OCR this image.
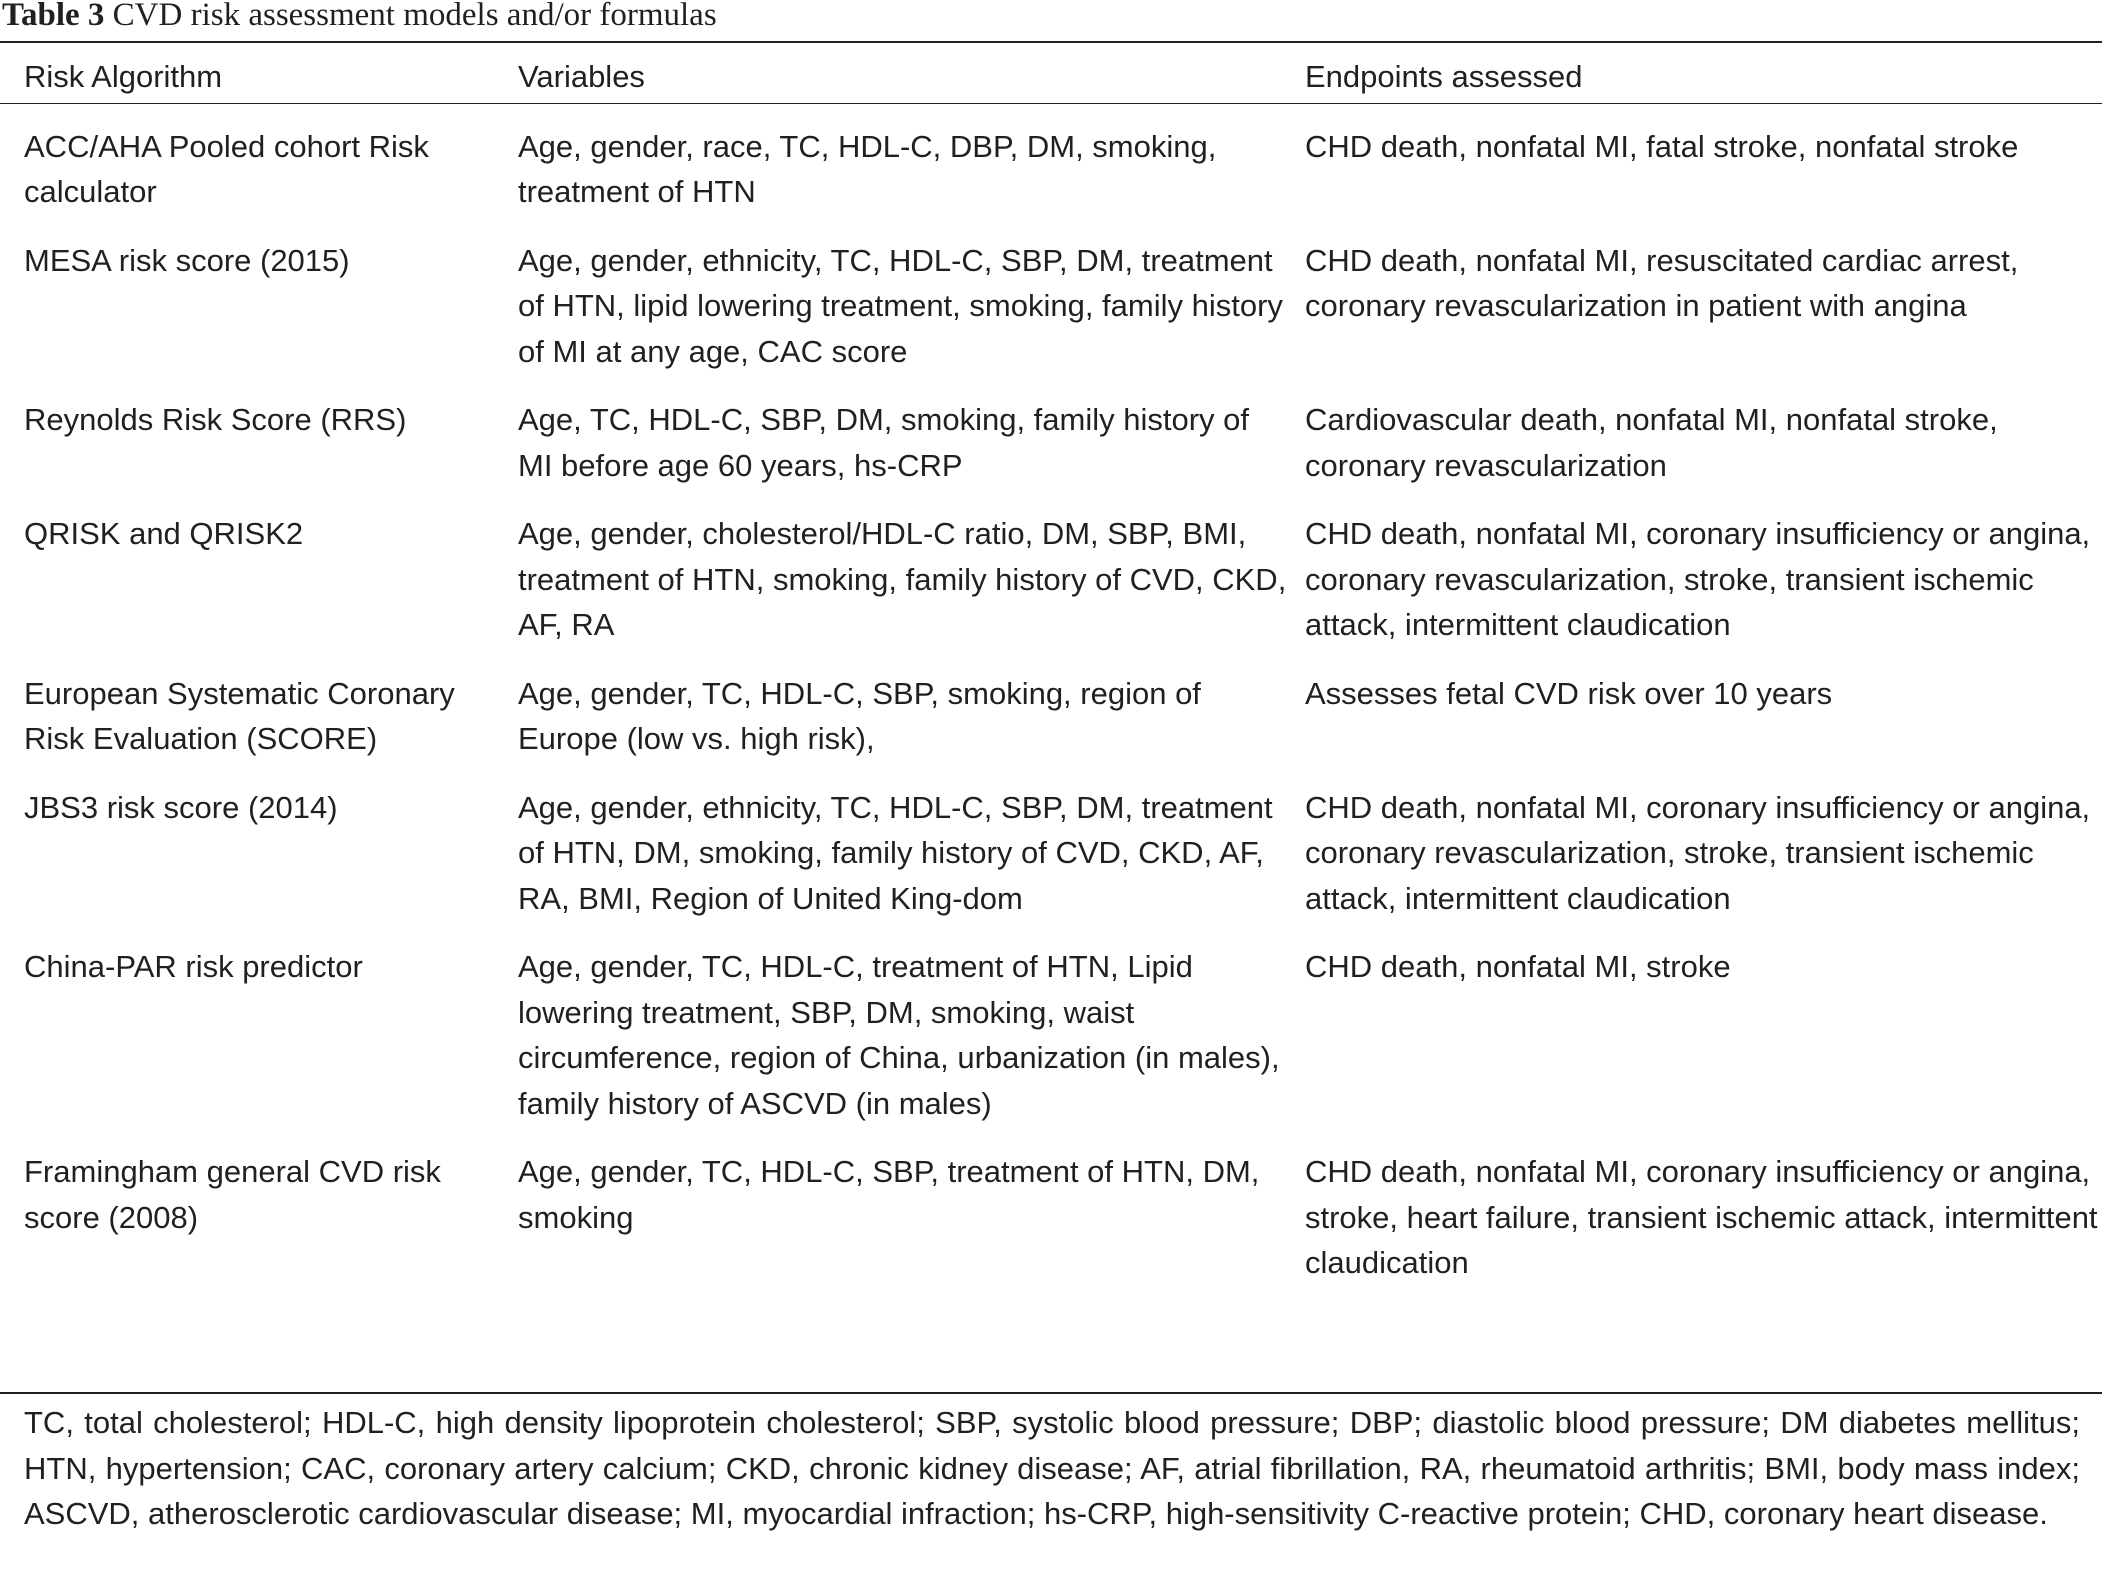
Table 3 CVD risk assessment models and/or formulas
Risk Algorithm	Variables	Endpoints assessed
ACC/AHA Pooled cohort Risk calculator	Age, gender, race, TC, HDL-C, DBP, DM, smoking, treatment of HTN	CHD death, nonfatal MI, fatal stroke, nonfatal stroke
MESA risk score (2015)	Age, gender, ethnicity, TC, HDL-C, SBP, DM, treatment of HTN, lipid lowering treatment, smoking, family history of MI at any age, CAC score	CHD death, nonfatal MI, resuscitated cardiac arrest, coronary revascularization in patient with angina
Reynolds Risk Score (RRS)	Age, TC, HDL-C, SBP, DM, smoking, family history of MI before age 60 years, hs-CRP	Cardiovascular death, nonfatal MI, nonfatal stroke, coronary revascularization
QRISK and QRISK2	Age, gender, cholesterol/HDL-C ratio, DM, SBP, BMI, treatment of HTN, smoking, family history of CVD, CKD, AF, RA	CHD death, nonfatal MI, coronary insufficiency or angina, coronary revascularization, stroke, transient ischemic attack, intermittent claudication
European Systematic Coronary Risk Evaluation (SCORE)	Age, gender, TC, HDL-C, SBP, smoking, region of Europe (low vs. high risk),	Assesses fetal CVD risk over 10 years
JBS3 risk score (2014)	Age, gender, ethnicity, TC, HDL-C, SBP, DM, treatment of HTN, DM, smoking, family history of CVD, CKD, AF, RA, BMI, Region of United King-dom	CHD death, nonfatal MI, coronary insufficiency or angina, coronary revascularization, stroke, transient ischemic attack, intermittent claudication
China-PAR risk predictor	Age, gender, TC, HDL-C, treatment of HTN, Lipid lowering treatment, SBP, DM, smoking, waist circumference, region of China, urbanization (in males), family history of ASCVD (in males)	CHD death, nonfatal MI, stroke
Framingham general CVD risk score (2008)	Age, gender, TC, HDL-C, SBP, treatment of HTN, DM, smoking	CHD death, nonfatal MI, coronary insufficiency or angina, stroke, heart failure, transient ischemic attack, intermittent claudication
TC, total cholesterol; HDL-C, high density lipoprotein cholesterol; SBP, systolic blood pressure; DBP; diastolic blood pressure; DM diabetes mellitus; HTN, hypertension; CAC, coronary artery calcium; CKD, chronic kidney disease; AF, atrial fibrillation, RA, rheumatoid arthritis; BMI, body mass index; ASCVD, atherosclerotic cardiovascular disease; MI, myocardial infraction; hs-CRP, high-sensitivity C-reactive protein; CHD, coronary heart disease.
